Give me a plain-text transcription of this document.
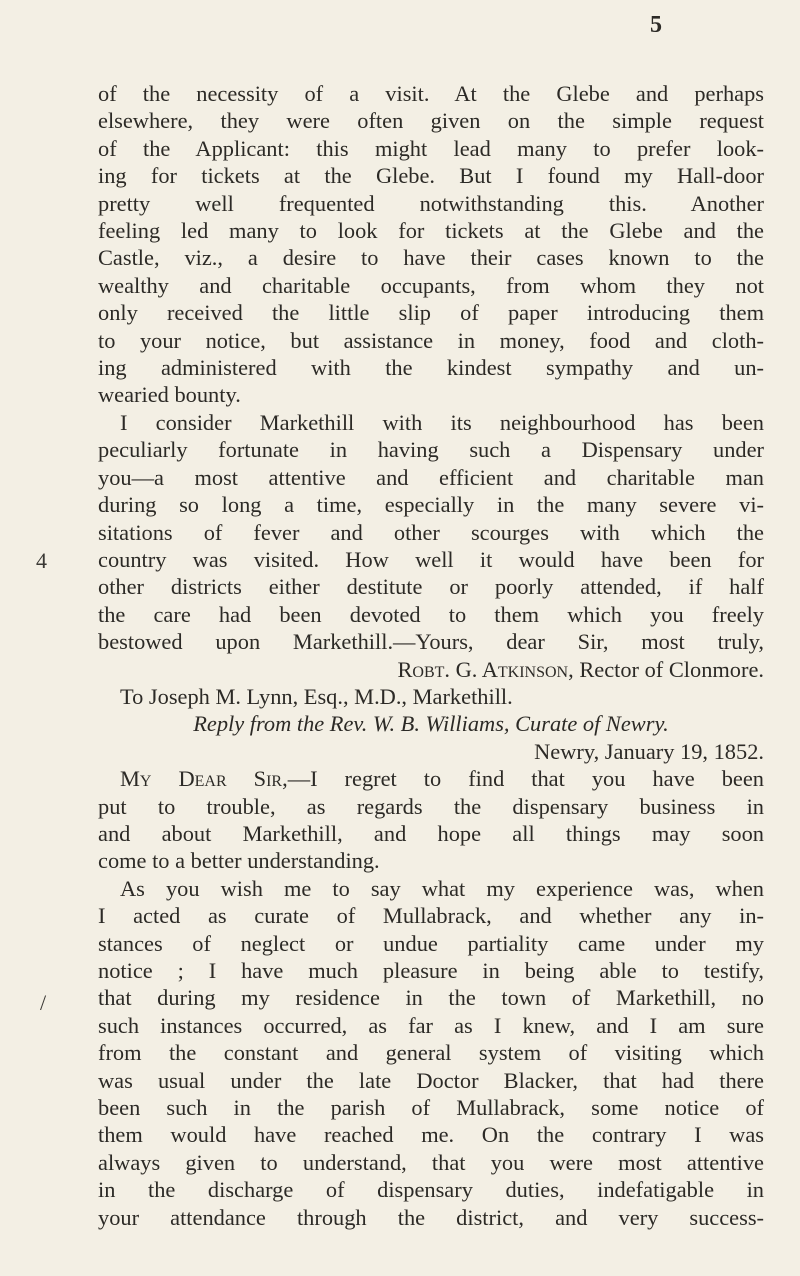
5
4
/
of the necessity of a visit. At the Glebe and perhaps
elsewhere, they were often given on the simple request
of the Applicant: this might lead many to prefer look-
ing for tickets at the Glebe. But I found my Hall-door
pretty well frequented notwithstanding this. Another
feeling led many to look for tickets at the Glebe and the
Castle, viz., a desire to have their cases known to the
wealthy and charitable occupants, from whom they not
only received the little slip of paper introducing them
to your notice, but assistance in money, food and cloth-
ing administered with the kindest sympathy and un-
wearied bounty.
I consider Markethill with its neighbourhood has been
peculiarly fortunate in having such a Dispensary under
you—a most attentive and efficient and charitable man
during so long a time, especially in the many severe vi-
sitations of fever and other scourges with which the
country was visited. How well it would have been for
other districts either destitute or poorly attended, if half
the care had been devoted to them which you freely
bestowed upon Markethill.—Yours, dear Sir, most truly,
Robt. G. Atkinson, Rector of Clonmore.
To Joseph M. Lynn, Esq., M.D., Markethill.
Reply from the Rev. W. B. Williams, Curate of Newry.
Newry, January 19, 1852.
My Dear Sir,—I regret to find that you have been
put to trouble, as regards the dispensary business in
and about Markethill, and hope all things may soon
come to a better understanding.
As you wish me to say what my experience was, when
I acted as curate of Mullabrack, and whether any in-
stances of neglect or undue partiality came under my
notice ; I have much pleasure in being able to testify,
that during my residence in the town of Markethill, no
such instances occurred, as far as I knew, and I am sure
from the constant and general system of visiting which
was usual under the late Doctor Blacker, that had there
been such in the parish of Mullabrack, some notice of
them would have reached me. On the contrary I was
always given to understand, that you were most attentive
in the discharge of dispensary duties, indefatigable in
your attendance through the district, and very success-
